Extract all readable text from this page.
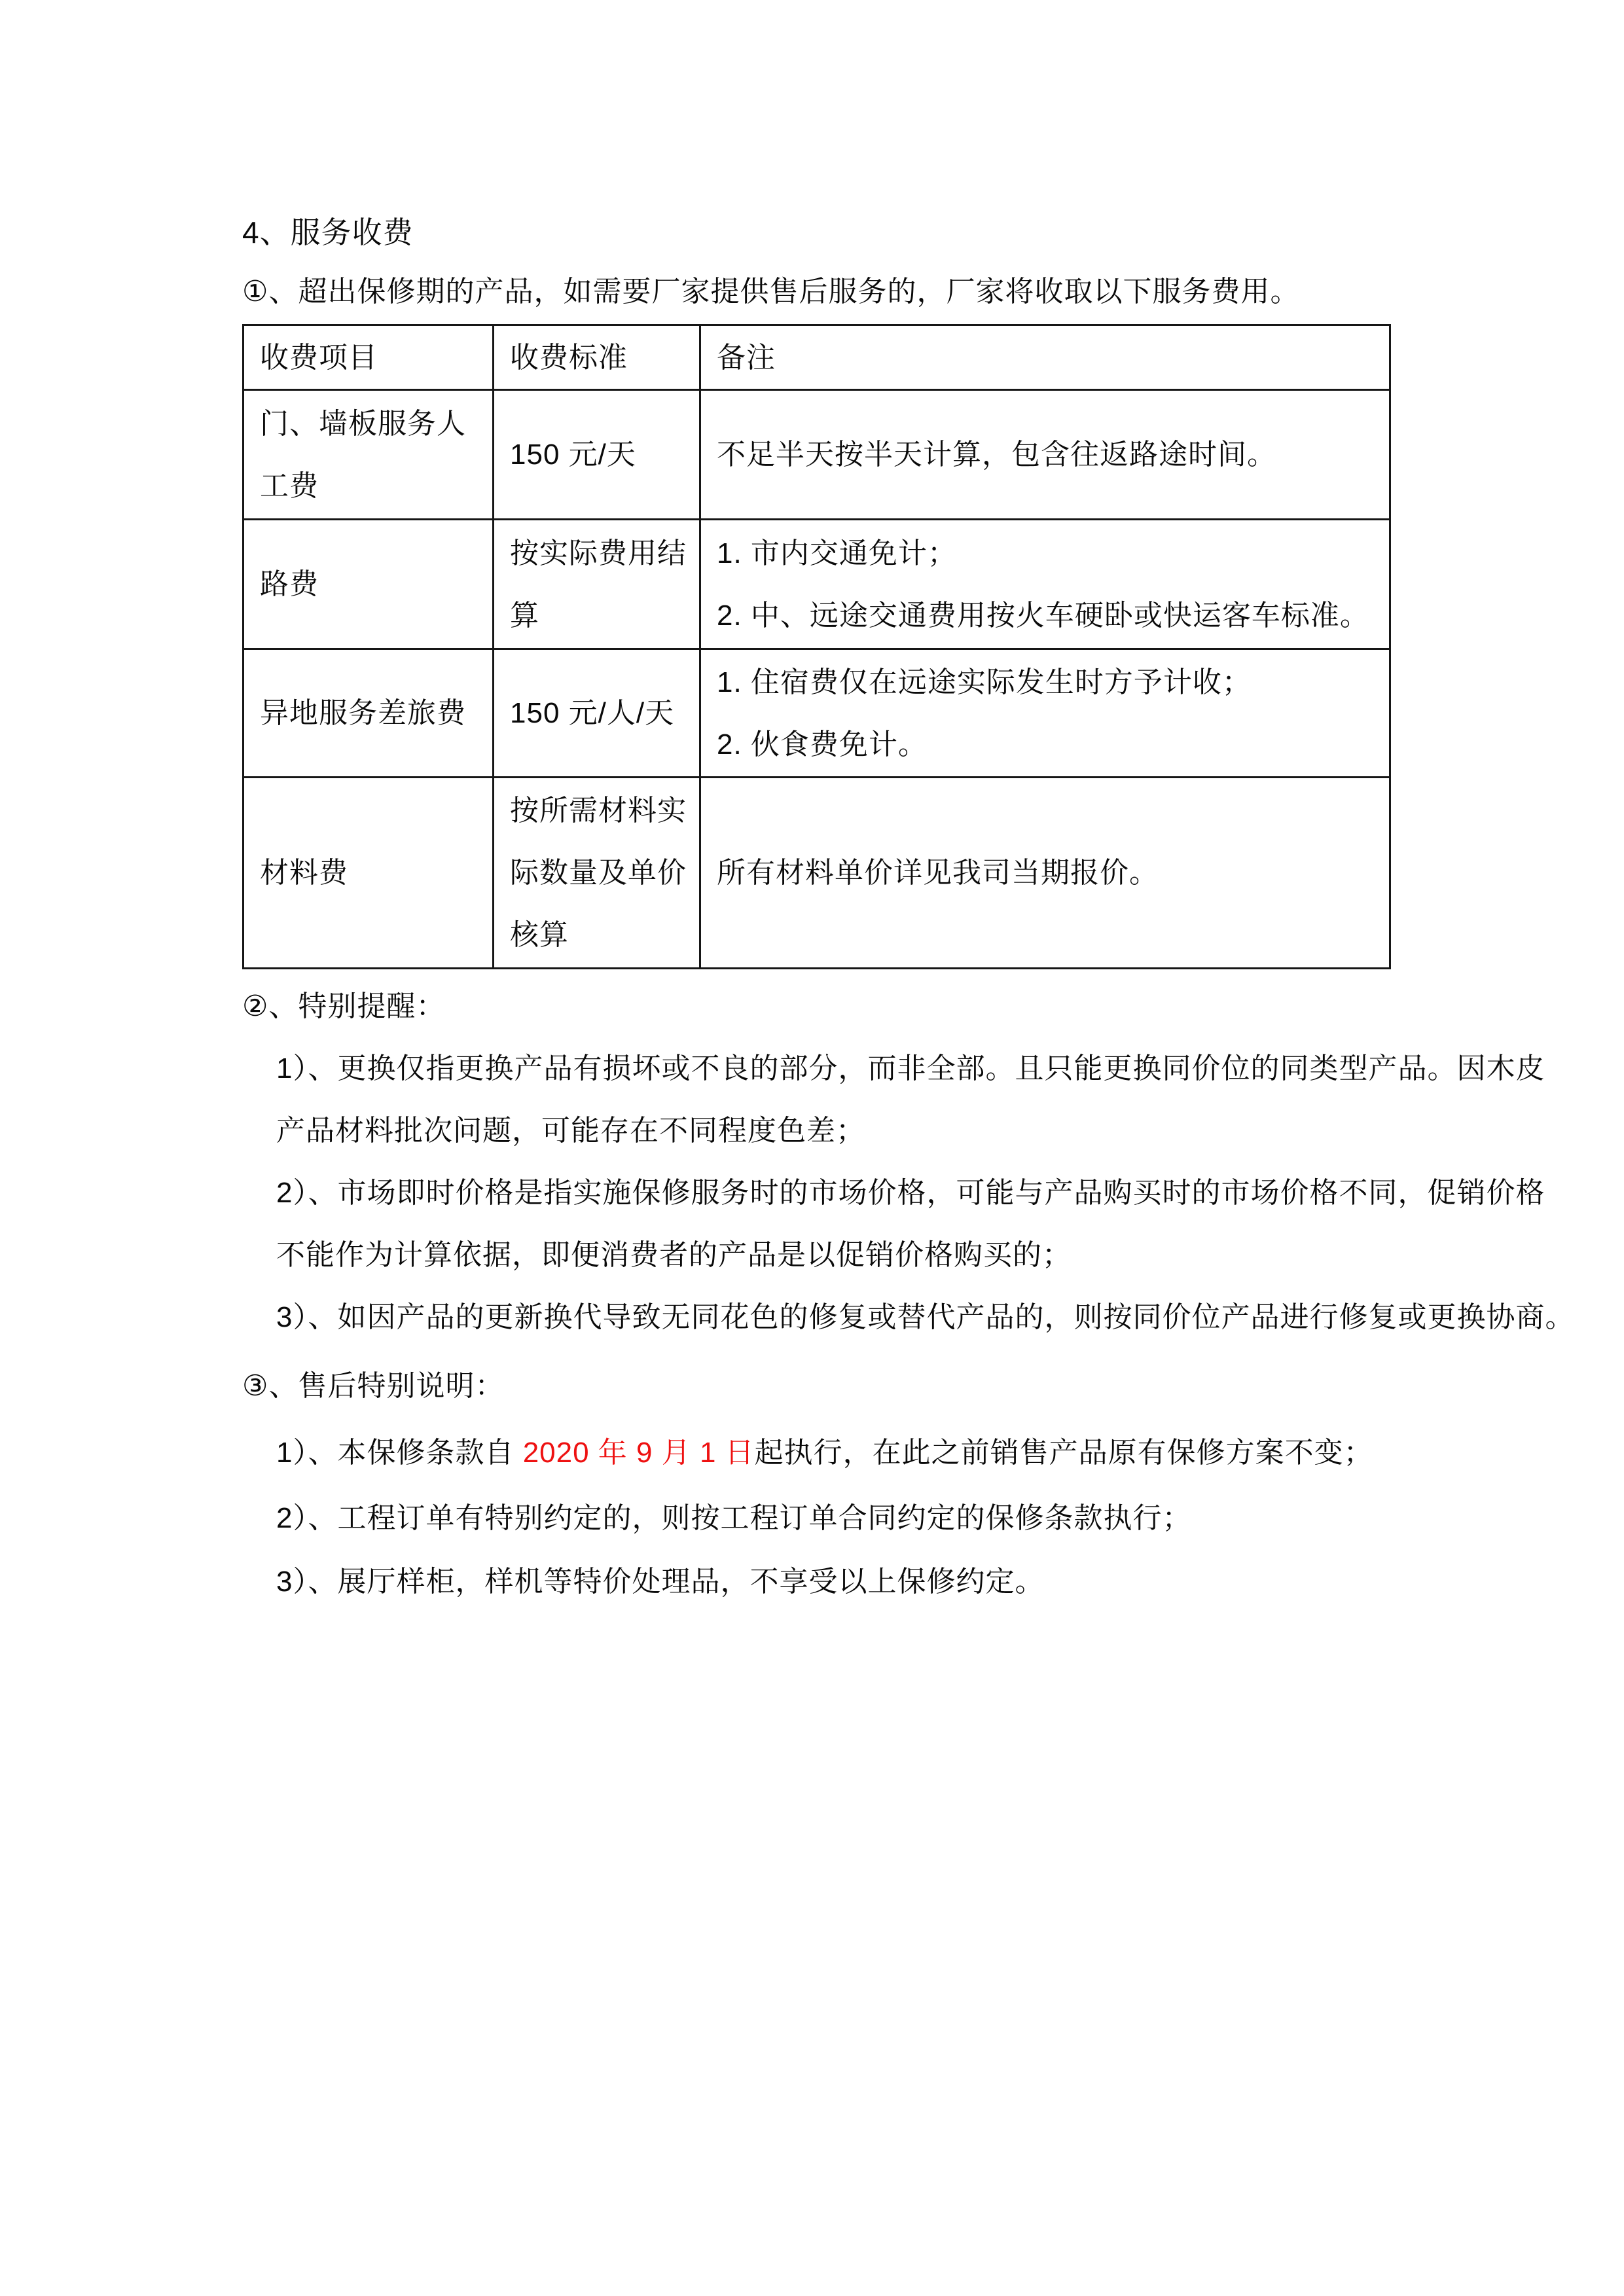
4、服务收费
①、超出保修期的产品，如需要厂家提供售后服务的，厂家将收取以下服务费用。
收费项目	收费标准	备注
门、墙板服务人工费	150 元/天	不足半天按半天计算，包含往返路途时间。

路费	按实际费用结算	1. 市内交通免计；
2. 中、远途交通费用按火车硬卧或快运客车标准。

异地服务差旅费	150 元/人/天	1. 住宿费仅在远途实际发生时方予计收；
2. 伙食费免计。

材料费	按所需材料实际数量及单价核算	所有材料单价详见我司当期报价。
②、特别提醒：
1）、更换仅指更换产品有损坏或不良的部分，而非全部。且只能更换同价位的同类型产品。因木皮
产品材料批次问题，可能存在不同程度色差；
2）、市场即时价格是指实施保修服务时的市场价格，可能与产品购买时的市场价格不同，促销价格
不能作为计算依据，即便消费者的产品是以促销价格购买的；
3）、如因产品的更新换代导致无同花色的修复或替代产品的，则按同价位产品进行修复或更换协商。
③、售后特别说明：
1）、本保修条款自 2020 年 9 月 1 日起执行，在此之前销售产品原有保修方案不变；
2）、工程订单有特别约定的，则按工程订单合同约定的保修条款执行；
3）、展厅样柜，样机等特价处理品，不享受以上保修约定。
